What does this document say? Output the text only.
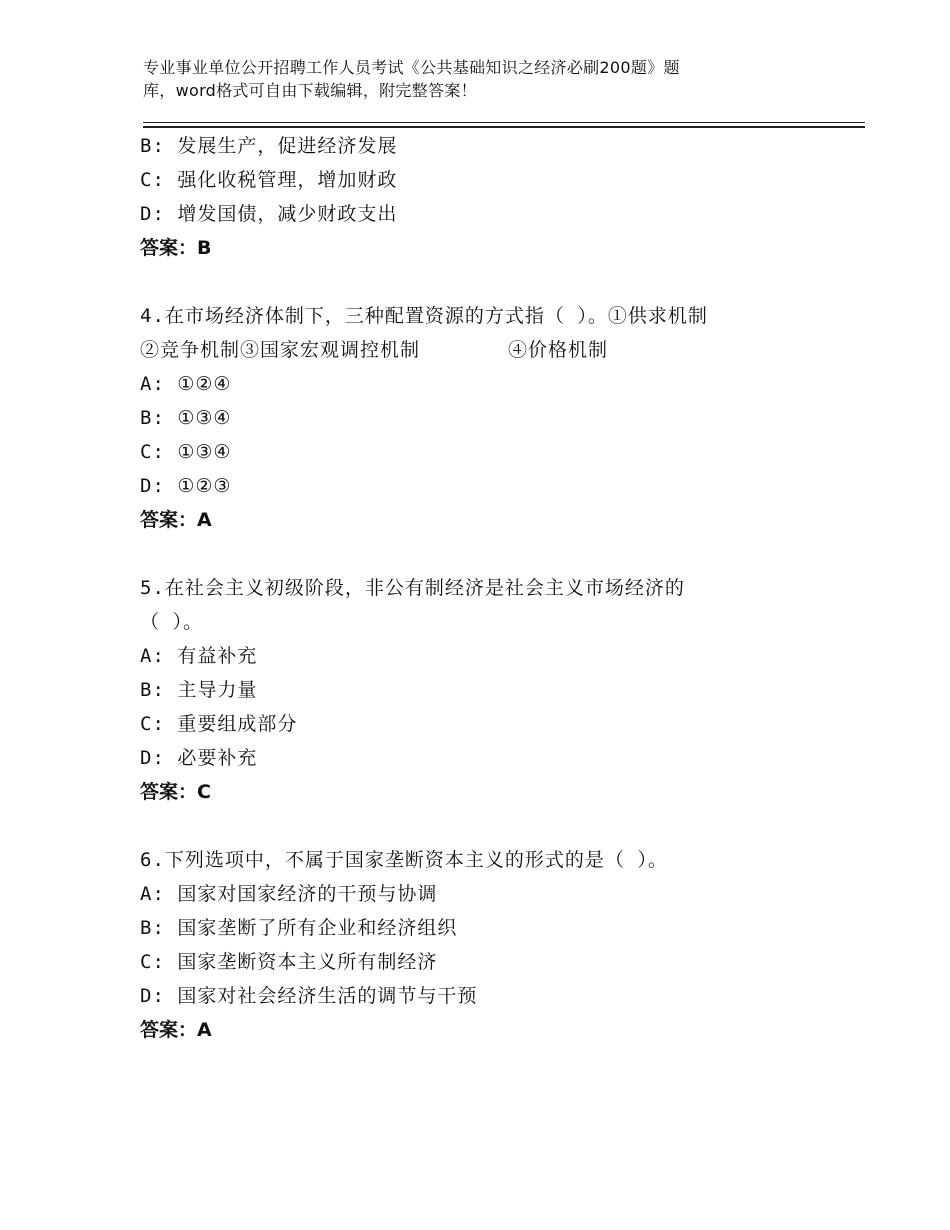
专业事业单位公开招聘工作人员考试《公共基础知识之经济必刷200题》题
库，word格式可自由下载编辑，附完整答案！
B: 发展生产，促进经济发展
C: 强化收税管理，增加财政
D: 增发国债，减少财政支出
答案：B
4.在市场经济体制下，三种配置资源的方式指（ ）。①供求机制
②竞争机制③国家宏观调控机制	④价格机制
A: ①②④
B: ①③④
C: ①③④
D: ①②③
答案：A
5.在社会主义初级阶段，非公有制经济是社会主义市场经济的
（ ）。
A: 有益补充
B: 主导力量
C: 重要组成部分
D: 必要补充
答案：C
6.下列选项中，不属于国家垄断资本主义的形式的是（ ）。
A: 国家对国家经济的干预与协调
B: 国家垄断了所有企业和经济组织
C: 国家垄断资本主义所有制经济
D: 国家对社会经济生活的调节与干预
答案：A
